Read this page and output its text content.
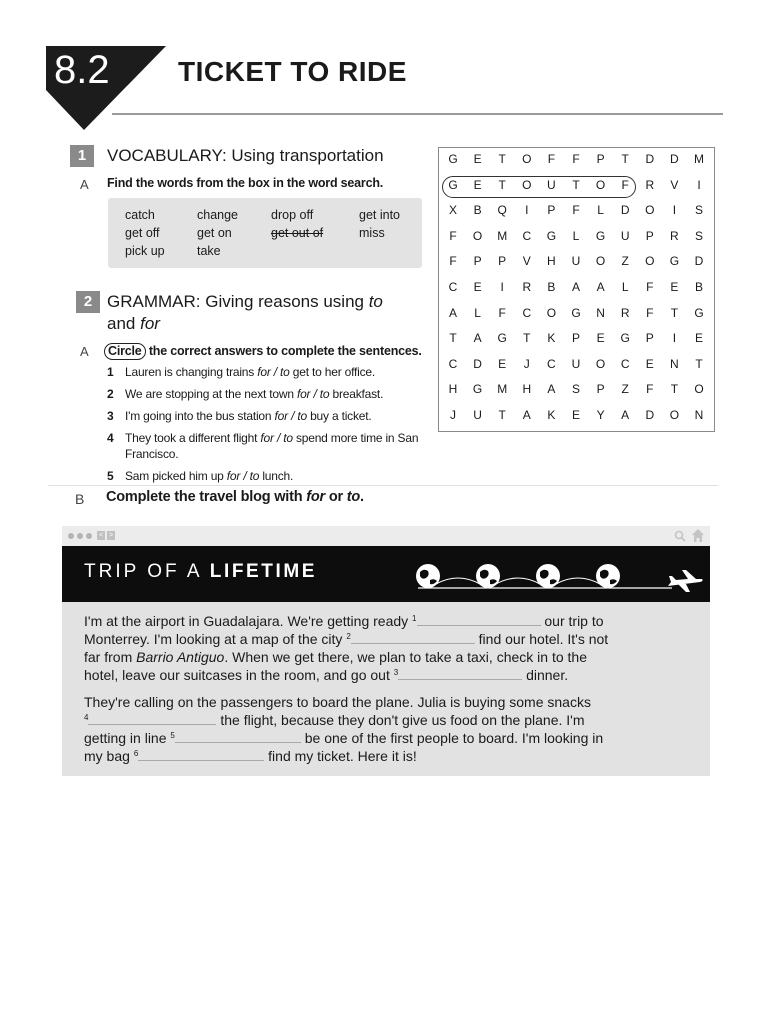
8.2 TICKET TO RIDE
1	VOCABULARY: Using transportation
A Find the words from the box in the word search.
catch	change	drop off	get into
get off	get on	get out of	miss
pick up	take
2 GRAMMAR: Giving reasons using to
and for
A	Circle the correct answers to complete the sentences.
1 Lauren is changing trains for / to get to her office.
2 We are stopping at the next town for / to breakfast.
3 I'm going into the bus station for / to buy a ticket.
4 They took a different flight for / to spend more time in San Francisco.
5 Sam picked him up for / to lunch.
G	E	T	O	F	F	P	T	D	D	M
G	E	T	O	U	T	O	F	R	V	I
X	B	Q	I	P	F	L	D	O	I	S
F	O	M	C	G	L	G	U	P	R	S
F	P	P	V	H	U	O	Z	O	G	D
C	E	I	R	B	A	A	L	F	E	B
A	L	F	C	O	G	N	R	F	T	G
T	A	G	T	K	P	E	G	P	I	E
C	D	E	J	C	U	O	C	E	N	T
H	G	M	H	A	S	P	Z	F	T	O
J	U	T	A	K	E	Y	A	D	O	N
B Complete the travel blog with for or to.
< >
TRIP OF A LIFETIME
I'm at the airport in Guadalajara. We're getting ready $^1$	our trip to
Monterrey. I'm looking at a map of the city $^2$	find our hotel. It's not
far from Barrio Antiguo. When we get there, we plan to take a taxi, check in to the
hotel, leave our suitcases in the room, and go out $^3$	dinner.
They're calling on the passengers to board the plane. Julia is buying some snacks
$^4$	the flight, because they don't give us food on the plane. I'm
getting in line $^5$	be one of the first people to board. I'm looking in
my bag $^6$	find my ticket. Here it is!
